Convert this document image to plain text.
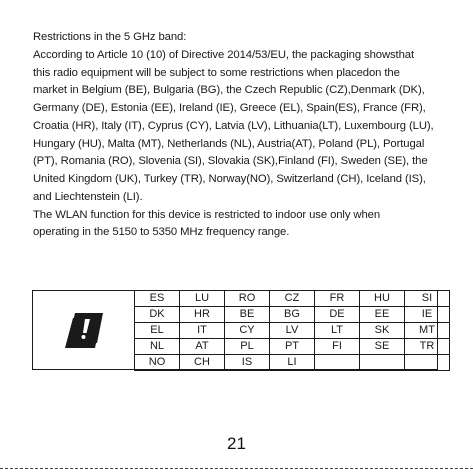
Restrictions in the 5 GHz band:

According to Article 10 (10) of Directive 2014/53/EU, the packaging showsthat

this radio equipment will be subject to some restrictions when placedon the

market in Belgium (BE), Bulgaria (BG), the Czech Republic (CZ),Denmark (DK),

Germany (DE), Estonia (EE), Ireland (IE), Greece (EL), Spain(ES), France (FR),

Croatia (HR), Italy (IT), Cyprus (CY), Latvia (LV), Lithuania(LT), Luxembourg (LU),

Hungary (HU), Malta (MT), Netherlands (NL), Austria(AT), Poland (PL), Portugal

(PT), Romania (RO), Slovenia (SI), Slovakia (SK),Finland (FI), Sweden (SE), the

United Kingdom (UK), Turkey (TR), Norway(NO), Switzerland (CH), Iceland (IS),

and Liechtenstein (LI).

The WLAN function for this device is restricted to indoor use only when

operating in the 5150 to 5350 MHz frequency range.

ES	LU	RO	CZ	FR	HU	SI
DK	HR	BE	BG	DE	EE	IE
EL	IT	CY	LV	LT	SK	MT
NL	AT	PL	PT	FI	SE	TR
NO	CH	IS	LI			
21
